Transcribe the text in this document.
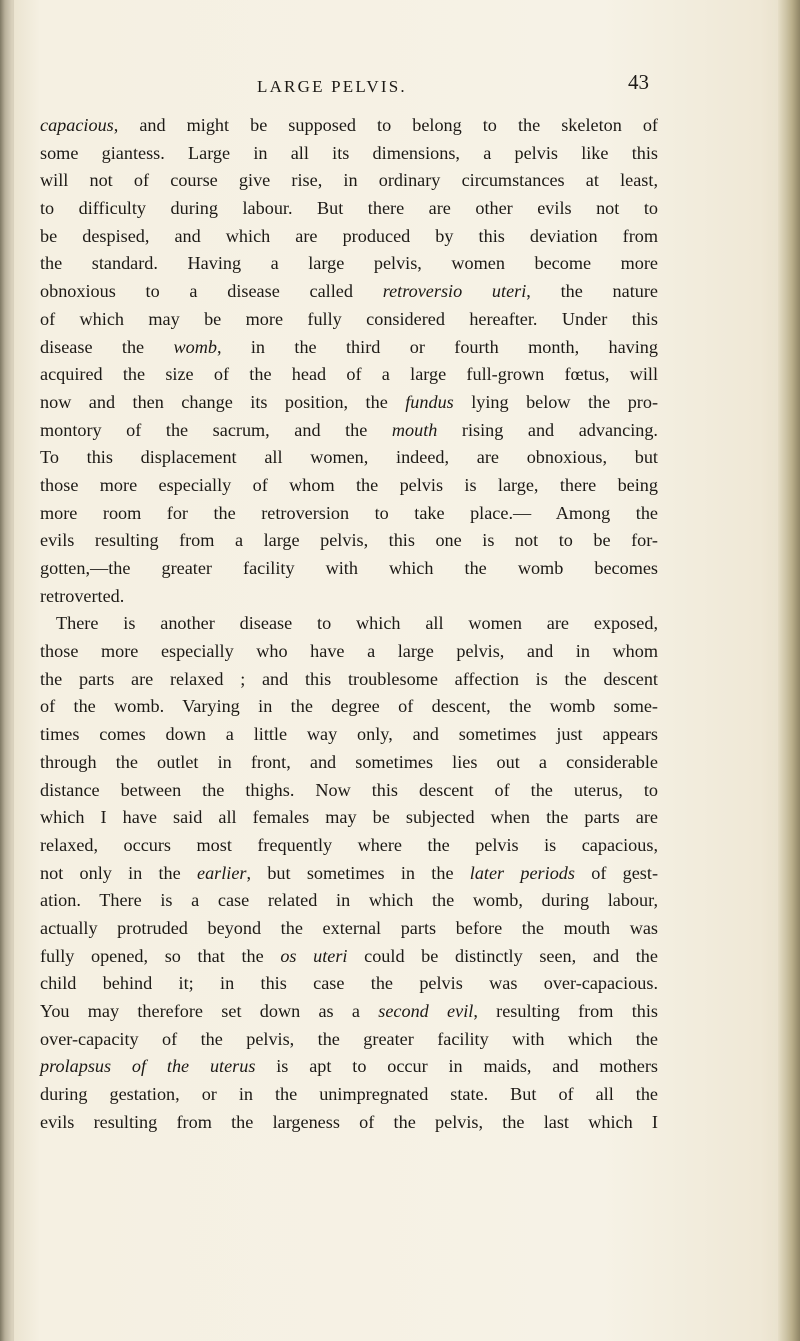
LARGE PELVIS.	43
capacious, and might be supposed to belong to the skeleton of
some giantess. Large in all its dimensions, a pelvis like this
will not of course give rise, in ordinary circumstances at least,
to difficulty during labour. But there are other evils not to
be despised, and which are produced by this deviation from
the standard. Having a large pelvis, women become more
obnoxious to a disease called retroversio uteri, the nature
of which may be more fully considered hereafter. Under this
disease the womb, in the third or fourth month, having
acquired the size of the head of a large full-grown fœtus, will
now and then change its position, the fundus lying below the pro-
montory of the sacrum, and the mouth rising and advancing.
To this displacement all women, indeed, are obnoxious, but
those more especially of whom the pelvis is large, there being
more room for the retroversion to take place.— Among the
evils resulting from a large pelvis, this one is not to be for-
gotten,—the greater facility with which the womb becomes
retroverted.
There is another disease to which all women are exposed,
those more especially who have a large pelvis, and in whom
the parts are relaxed ; and this troublesome affection is the descent
of the womb. Varying in the degree of descent, the womb some-
times comes down a little way only, and sometimes just appears
through the outlet in front, and sometimes lies out a considerable
distance between the thighs. Now this descent of the uterus, to
which I have said all females may be subjected when the parts are
relaxed, occurs most frequently where the pelvis is capacious,
not only in the earlier, but sometimes in the later periods of gest-
ation. There is a case related in which the womb, during labour,
actually protruded beyond the external parts before the mouth was
fully opened, so that the os uteri could be distinctly seen, and the
child behind it; in this case the pelvis was over-capacious.
You may therefore set down as a second evil, resulting from this
over-capacity of the pelvis, the greater facility with which the
prolapsus of the uterus is apt to occur in maids, and mothers
during gestation, or in the unimpregnated state. But of all the
evils resulting from the largeness of the pelvis, the last which I
